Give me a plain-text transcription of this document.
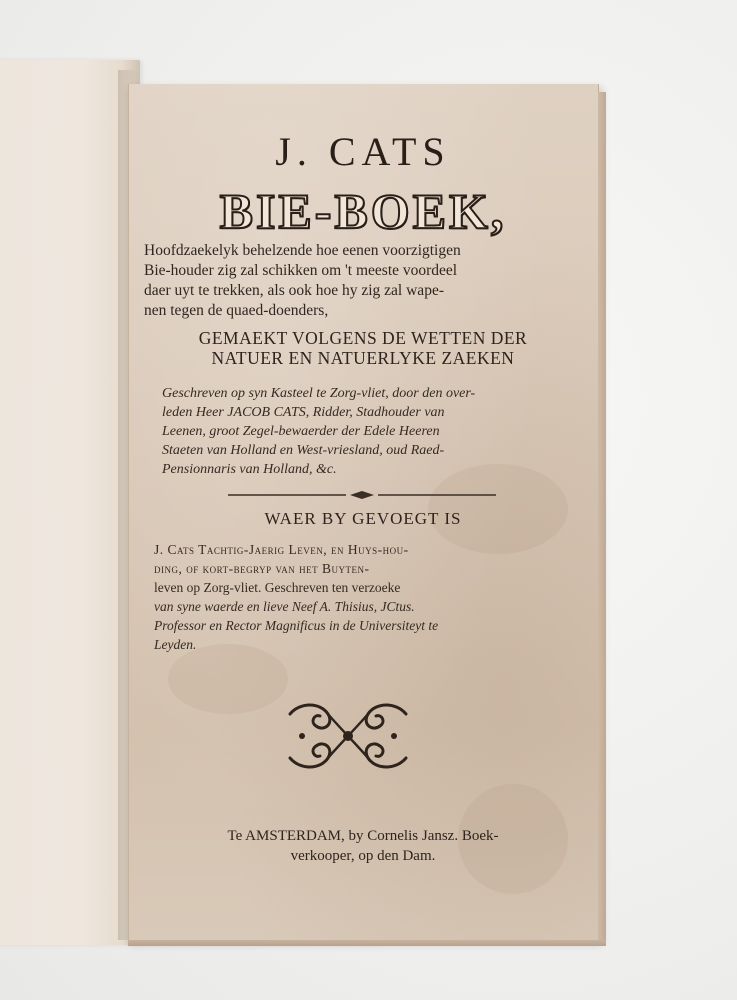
J. CATS
BIE-BOEK,
Hoofdzaekelyk behelzende hoe eenen voorzigtigen
Bie-houder zig zal schikken om 't meeste voordeel
daer uyt te trekken, als ook hoe hy zig zal wape-
nen tegen de quaed-doenders,
GEMAEKT VOLGENS DE WETTEN DER
NATUER EN NATUERLYKE ZAEKEN
Geschreven op syn Kasteel te Zorg-vliet, door den over-
leden Heer JACOB CATS, Ridder, Stadhouder van
Leenen, groot Zegel-bewaerder der Edele Heeren
Staeten van Holland en West-vriesland, oud Raed-
Pensionnaris van Holland, &c.
WAER BY GEVOEGT IS
J. Cats Tachtig-Jaerig Leven, en Huys-hou-
ding, of kort-begryp van het Buyten-
leven op Zorg-vliet. Geschreven ten verzoeke
van syne waerde en lieve Neef A. Thisius, JCtus.
Professor en Rector Magnificus in de Universiteyt te
Leyden.
Te AMSTERDAM, by Cornelis Jansz. Boek-
verkooper, op den Dam.
